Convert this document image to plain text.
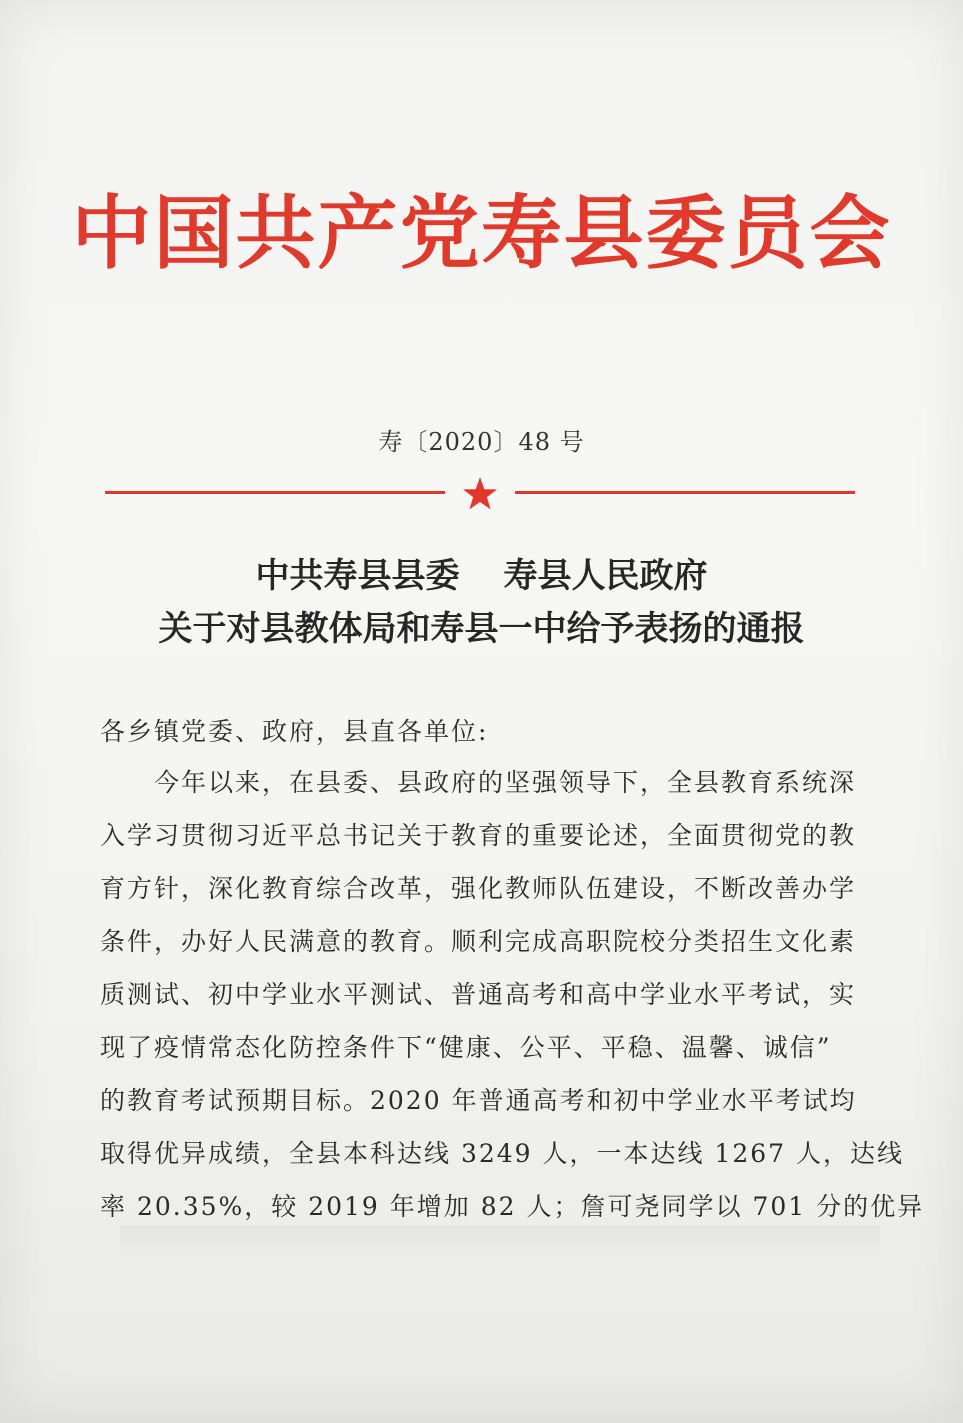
中国共产党寿县委员会
寿〔2020〕48 号
中共寿县县委 寿县人民政府
关于对县教体局和寿县一中给予表扬的通报
各乡镇党委、政府，县直各单位:
　　今年以来，在县委、县政府的坚强领导下，全县教育系统深
入学习贯彻习近平总书记关于教育的重要论述，全面贯彻党的教
育方针，深化教育综合改革，强化教师队伍建设，不断改善办学
条件，办好人民满意的教育。顺利完成高职院校分类招生文化素
质测试、初中学业水平测试、普通高考和高中学业水平考试，实
现了疫情常态化防控条件下“健康、公平、平稳、温馨、诚信”
的教育考试预期目标。2020 年普通高考和初中学业水平考试均
取得优异成绩，全县本科达线 3249 人，一本达线 1267 人，达线
率 20.35%，较 2019 年增加 82 人；詹可尧同学以 701 分的优异
